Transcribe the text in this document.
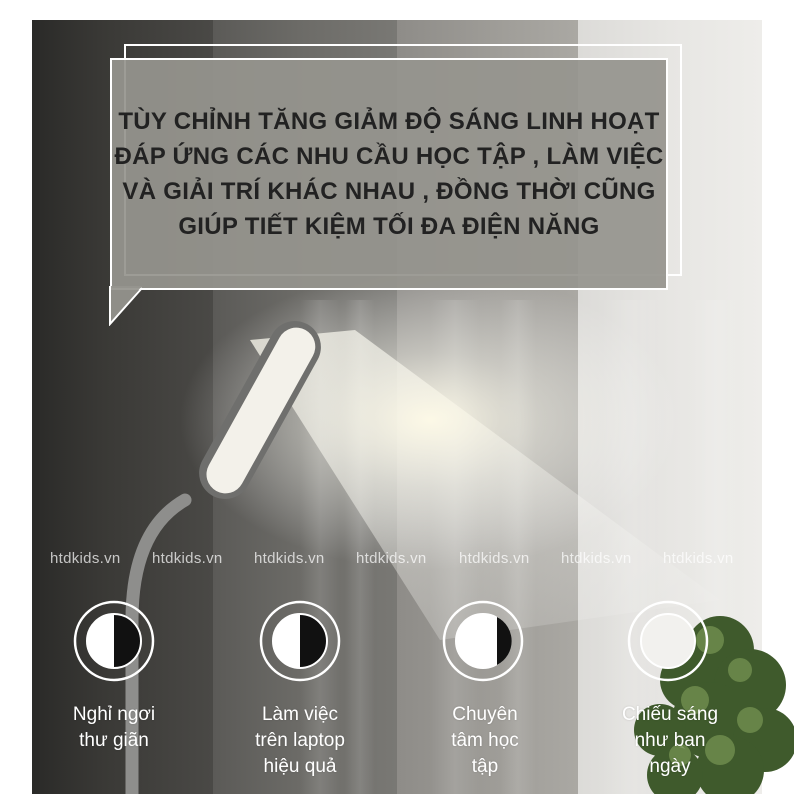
TÙY CHỈNH TĂNG GIẢM ĐỘ SÁNG LINH HOẠT
ĐÁP ỨNG CÁC NHU CẦU HỌC TẬP , LÀM VIỆC
VÀ GIẢI TRÍ KHÁC NHAU , ĐỒNG THỜI CŨNG
GIÚP TIẾT KIỆM TỐI ĐA ĐIỆN NĂNG
htdkids.vn htdkids.vn htdkids.vn htdkids.vn htdkids.vn htdkids.vn htdkids.vn
Nghỉ ngơi
thư giãn
Làm việc
trên laptop
hiệu quả
Chuyên
tâm học
tập
Chiếu sáng
như ban
ngày
